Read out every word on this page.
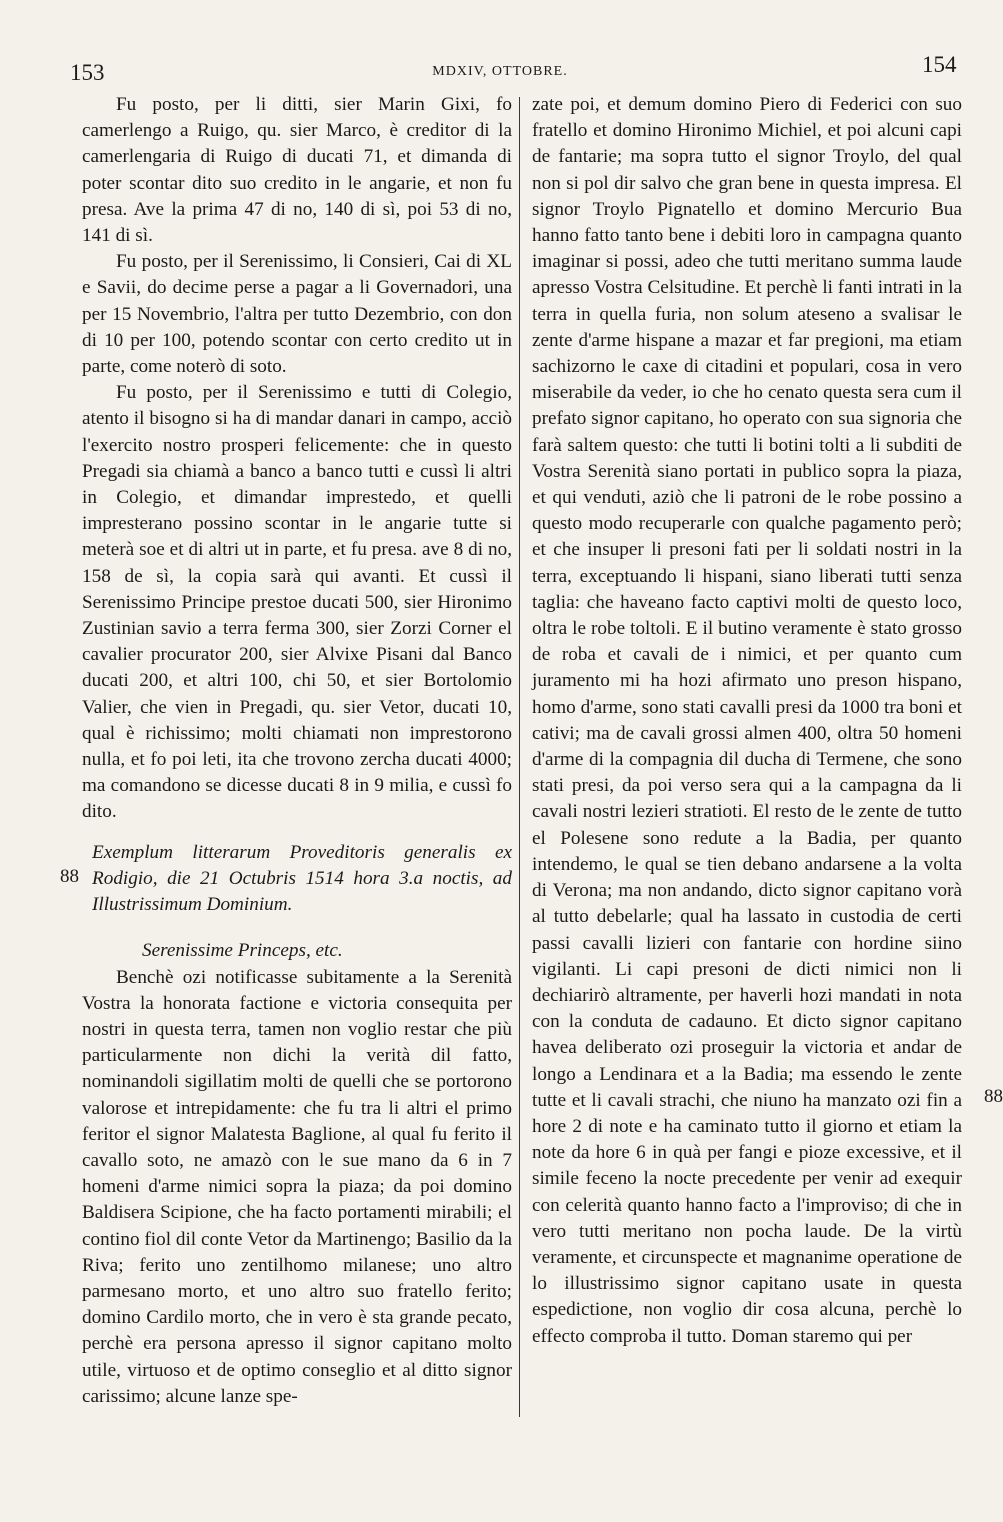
153	MDXIV, OTTOBRE.	154
88
88

Fu posto, per li ditti, sier Marin Gixi, fo camerlengo a Ruigo, qu. sier Marco, è creditor di la camerlengaria di Ruigo di ducati 71, et dimanda di poter scontar dito suo credito in le angarie, et non fu presa. Ave la prima 47 di no, 140 di sì, poi 53 di no, 141 di sì.

Fu posto, per il Serenissimo, li Consieri, Cai di XL e Savii, do decime perse a pagar a li Governadori, una per 15 Novembrio, l'altra per tutto Dezembrio, con don di 10 per 100, potendo scontar con certo credito ut in parte, come noterò di soto.

Fu posto, per il Serenissimo e tutti di Colegio, atento il bisogno si ha di mandar danari in campo, acciò l'exercito nostro prosperi felicemente: che in questo Pregadi sia chiamà a banco a banco tutti e cussì li altri in Colegio, et dimandar imprestedo, et quelli impresterano possino scontar in le angarie tutte si meterà soe et di altri ut in parte, et fu presa. ave 8 di no, 158 de sì, la copia sarà qui avanti. Et cussì il Serenissimo Principe prestoe ducati 500, sier Hironimo Zustinian savio a terra ferma 300, sier Zorzi Corner el cavalier procurator 200, sier Alvixe Pisani dal Banco ducati 200, et altri 100, chi 50, et sier Bortolomio Valier, che vien in Pregadi, qu. sier Vetor, ducati 10, qual è richissimo; molti chiamati non imprestorono nulla, et fo poi leti, ita che trovono zercha ducati 4000; ma comandono se dicesse ducati 8 in 9 milia, e cussì fo dito.

Exemplum litterarum Proveditoris generalis ex Rodigio, die 21 Octubris 1514 hora 3.a noctis, ad Illustrissimum Dominium.

Serenissime Princeps, etc.

Benchè ozi notificasse subitamente a la Serenità Vostra la honorata factione e victoria consequita per nostri in questa terra, tamen non voglio restar che più particularmente non dichi la verità dil fatto, nominandoli sigillatim molti de quelli che se portorono valorose et intrepidamente: che fu tra li altri el primo feritor el signor Malatesta Baglione, al qual fu ferito il cavallo soto, ne amazò con le sue mano da 6 in 7 homeni d'arme nimici sopra la piaza; da poi domino Baldisera Scipione, che ha facto portamenti mirabili; el contino fiol dil conte Vetor da Martinengo; Basilio da la Riva; ferito uno zentilhomo milanese; uno altro parmesano morto, et uno altro suo fratello ferito; domino Cardilo morto, che in vero è sta grande pecato, perchè era persona apresso il signor capitano molto utile, virtuoso et de optimo conseglio et al ditto signor carissimo; alcune lanze spe-

zate poi, et demum domino Piero di Federici con suo fratello et domino Hironimo Michiel, et poi alcuni capi de fantarie; ma sopra tutto el signor Troylo, del qual non si pol dir salvo che gran bene in questa impresa. El signor Troylo Pignatello et domino Mercurio Bua hanno fatto tanto bene i debiti loro in campagna quanto imaginar si possi, adeo che tutti meritano summa laude apresso Vostra Celsitudine. Et perchè li fanti intrati in la terra in quella furia, non solum ateseno a svalisar le zente d'arme hispane a mazar et far pregioni, ma etiam sachizorno le caxe di citadini et populari, cosa in vero miserabile da veder, io che ho cenato questa sera cum il prefato signor capitano, ho operato con sua signoria che farà saltem questo: che tutti li botini tolti a li subditi de Vostra Serenità siano portati in publico sopra la piaza, et qui venduti, aziò che li patroni de le robe possino a questo modo recuperarle con qualche pagamento però; et che insuper li presoni fati per li soldati nostri in la terra, exceptuando li hispani, siano liberati tutti senza taglia: che haveano facto captivi molti de questo loco, oltra le robe toltoli. E il butino veramente è stato grosso de roba et cavali de i nimici, et per quanto cum juramento mi ha hozi afirmato uno preson hispano, homo d'arme, sono stati cavalli presi da 1000 tra boni et cativi; ma de cavali grossi almen 400, oltra 50 homeni d'arme di la compagnia dil ducha di Termene, che sono stati presi, da poi verso sera qui a la campagna da li cavali nostri lezieri stratioti. El resto de le zente de tutto el Polesene sono redute a la Badia, per quanto intendemo, le qual se tien debano andarsene a la volta di Verona; ma non andando, dicto signor capitano vorà al tutto debelarle; qual ha lassato in custodia de certi passi cavalli lizieri con fantarie con hordine siino vigilanti. Li capi presoni de dicti nimici non li dechiarirò altramente, per haverli hozi mandati in nota con la conduta de cadauno. Et dicto signor capitano havea deliberato ozi proseguir la victoria et andar de longo a Lendinara et a la Badia; ma essendo le zente tutte et li cavali strachi, che niuno ha manzato ozi fin a hore 2 di note e ha caminato tutto il giorno et etiam la note da hore 6 in quà per fangi e pioze excessive, et il simile feceno la nocte precedente per venir ad exequir con celerità quanto hanno facto a l'improviso; di che in vero tutti meritano non pocha laude. De la virtù veramente, et circunspecte et magnanime operatione de lo illustrissimo signor capitano usate in questa espedictione, non voglio dir cosa alcuna, perchè lo effecto comproba il tutto. Doman staremo qui per
